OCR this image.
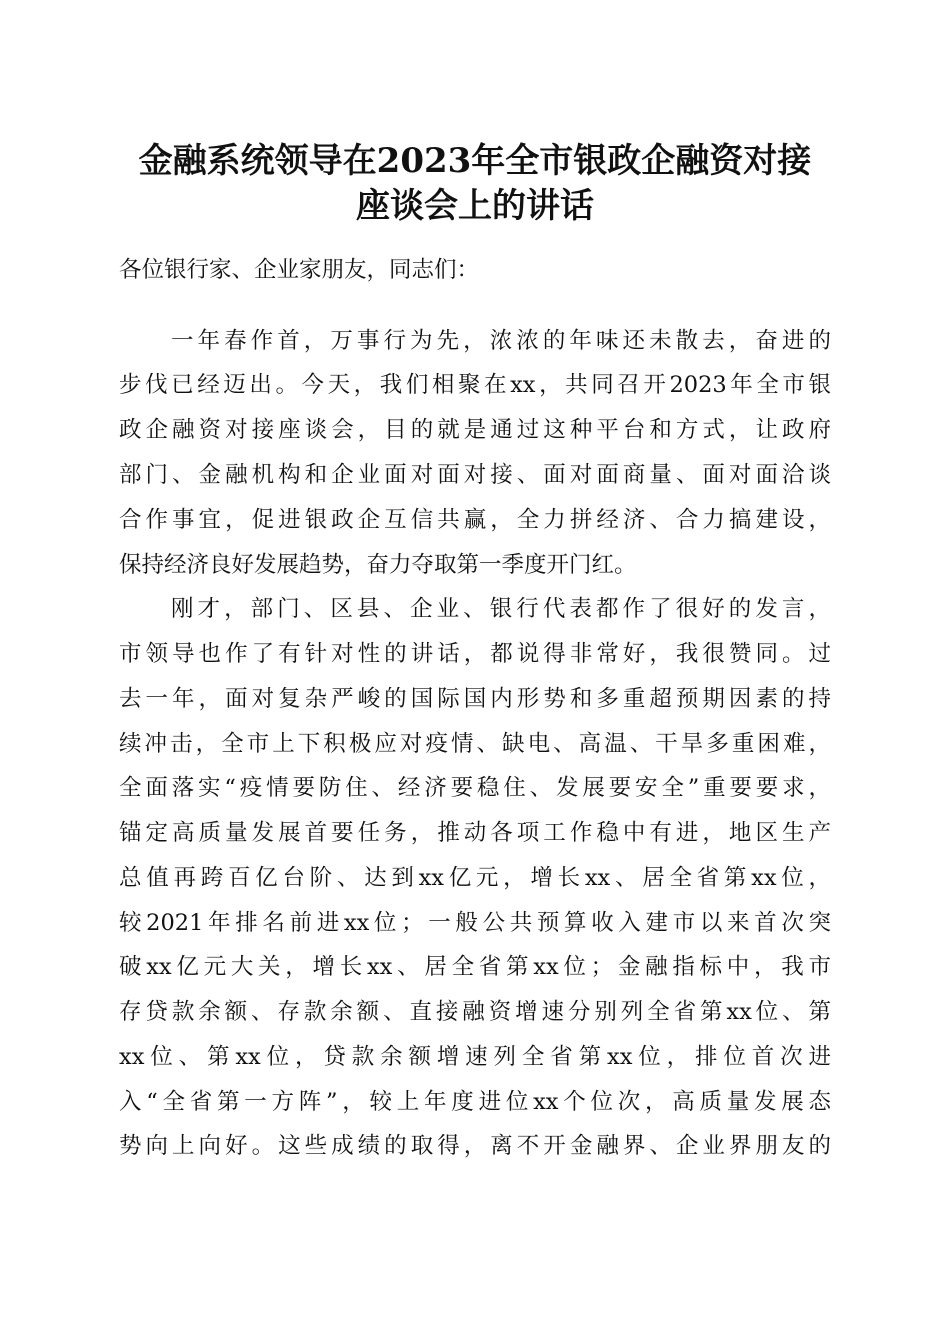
金融系统领导在2023年全市银政企融资对接
座谈会上的讲话
各位银行家、企业家朋友，同志们：
一年春作首，万事行为先，浓浓的年味还未散去，奋进的
步伐已经迈出。今天，我们相聚在xx，共同召开2023年全市银
政企融资对接座谈会，目的就是通过这种平台和方式，让政府
部门、金融机构和企业面对面对接、面对面商量、面对面洽谈
合作事宜，促进银政企互信共赢，全力拼经济、合力搞建设，
保持经济良好发展趋势，奋力夺取第一季度开门红。
刚才，部门、区县、企业、银行代表都作了很好的发言，
市领导也作了有针对性的讲话，都说得非常好，我很赞同。过
去一年，面对复杂严峻的国际国内形势和多重超预期因素的持
续冲击，全市上下积极应对疫情、缺电、高温、干旱多重困难，
全面落实“疫情要防住、经济要稳住、发展要安全”重要要求，
锚定高质量发展首要任务，推动各项工作稳中有进，地区生产
总值再跨百亿台阶、达到xx亿元，增长xx、居全省第xx位，
较2021年排名前进xx位；一般公共预算收入建市以来首次突
破xx亿元大关，增长xx、居全省第xx位；金融指标中，我市
存贷款余额、存款余额、直接融资增速分别列全省第xx位、第
xx位、第xx位，贷款余额增速列全省第xx位，排位首次进
入“全省第一方阵”，较上年度进位xx个位次，高质量发展态
势向上向好。这些成绩的取得，离不开金融界、企业界朋友的
